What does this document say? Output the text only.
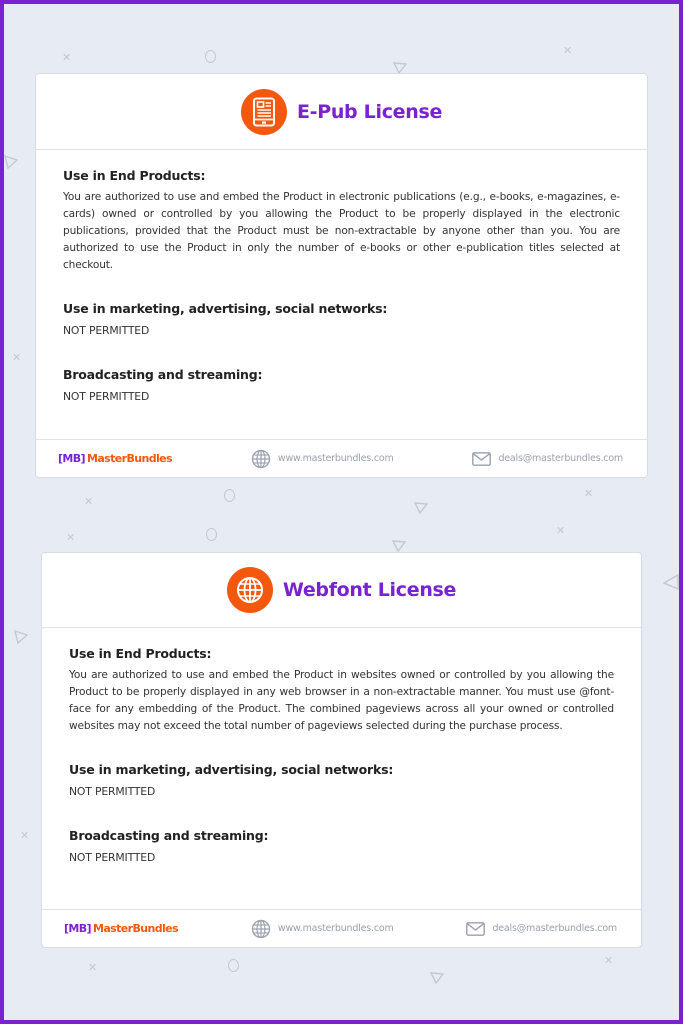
✕
✕
✕
✕
✕
✕
✕
✕
✕
✕
E-Pub License
Use in End Products:

You are authorized to use and embed the Product in electronic publications (e.g., e-books, e-magazines, e-cards) owned or controlled by you allowing the Product to be properly displayed in the electronic publications, provided that the Product must be non-extractable by anyone other than you. You are authorized to use the Product in only the number of e-books or other e-publication titles selected at checkout.

Use in marketing, advertising, social networks:

NOT PERMITTED

Broadcasting and streaming:

NOT PERMITTED

[MB] MasterBundles	www.masterbundles.com	deals@masterbundles.com
Webfont License
Use in End Products:

You are authorized to use and embed the Product in websites owned or controlled by you allowing the Product to be properly displayed in any web browser in a non-extractable manner. You must use @font-face for any embedding of the Product. The combined pageviews across all your owned or controlled websites may not exceed the total number of pageviews selected during the purchase process.

Use in marketing, advertising, social networks:

NOT PERMITTED

Broadcasting and streaming:

NOT PERMITTED

[MB] MasterBundles	www.masterbundles.com	deals@masterbundles.com
